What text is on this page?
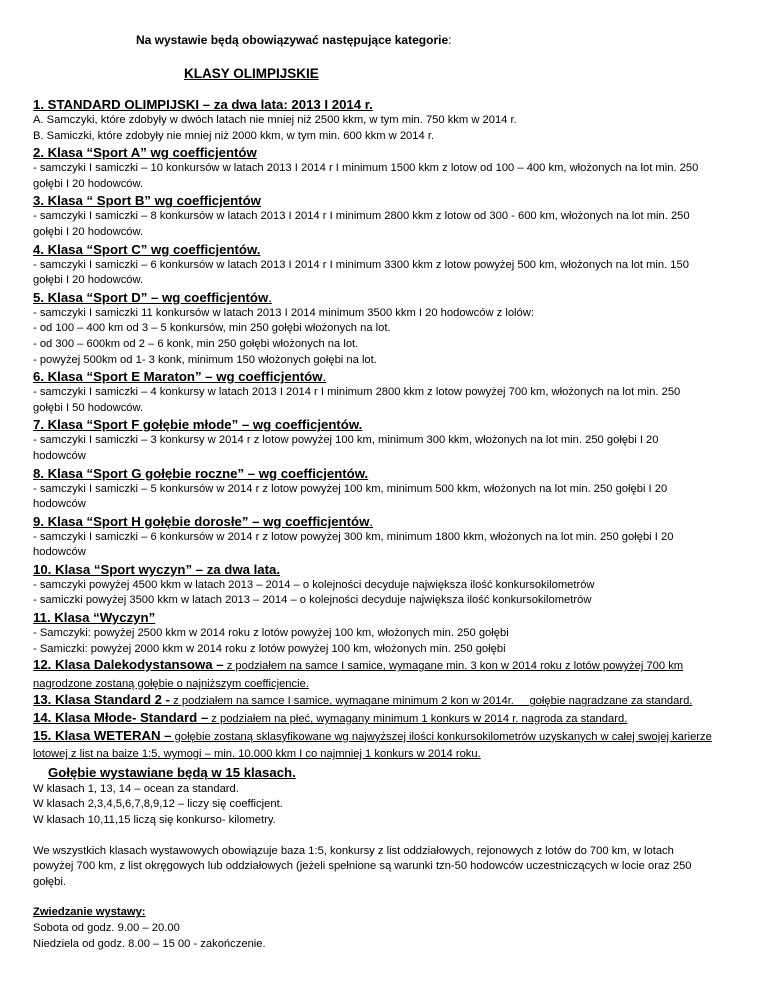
Na wystawie będą obowiązywać następujące kategorie:
KLASY OLIMPIJSKIE

1. STANDARD OLIMPIJSKI – za dwa lata: 2013 I 2014 r.

A. Samczyki, które zdobyły w dwóch latach nie mniej niż 2500 kkm, w tym min. 750 kkm w 2014 r.

B. Samiczki, które zdobyły nie mniej niż 2000 kkm, w tym min. 600 kkm w 2014 r.

2. Klasa “Sport A” wg coefficjentów

- samczyki I samiczki – 10 konkursów w latach 2013 I 2014 r I minimum 1500 kkm z lotow od 100 – 400 km, włożonych na lot min. 250 gołębi I 20 hodowców.

3. Klasa “ Sport B” wg coefficjentów

- samczyki I samiczki – 8 konkursów w latach 2013 I 2014 r I minimum 2800 kkm z lotow od 300 - 600 km, włożonych na lot min. 250 gołębi I 20 hodowców.

4. Klasa “Sport C” wg coefficjentów.

- samczyki I samiczki – 6 konkursów w latach 2013 I 2014 r I minimum 3300 kkm z lotow powyżej 500 km, włożonych na lot min. 150 gołębi I 20 hodowców.

5. Klasa “Sport D” – wg coefficjentów.

- samczyki I samiczki 11 konkursów w latach 2013 I 2014 minimum 3500 kkm I 20 hodowców z lolów:

- od 100 – 400 km od 3 – 5 konkursów, min 250 gołębi włożonych na lot.

- od 300 – 600km od 2 – 6 konk, min 250 gołębi włożonych na lot.

- powyżej 500km od 1- 3 konk, minimum 150 włożonych gołębi na lot.

6. Klasa “Sport E Maraton” – wg coefficjentów.

- samczyki I samiczki – 4 konkursy w latach 2013 I 2014 r I minimum 2800 kkm z lotow powyżej 700 km, włożonych na lot min. 250 gołębi I 50 hodowców.

7. Klasa “Sport F gołębie młode” – wg coefficjentów.

- samczyki I samiczki – 3 konkursy w 2014 r z lotow powyżej 100 km, minimum 300 kkm, włożonych na lot min. 250 gołębi I 20 hodowców

8. Klasa “Sport G gołębie roczne” – wg coefficjentów.

- samczyki I samiczki – 5 konkursów w 2014 r z lotow powyżej 100 km, minimum 500 kkm, włożonych na lot min. 250 gołębi I 20 hodowców

9. Klasa “Sport H gołębie dorosłe” – wg coefficjentów.

- samczyki I samiczki – 6 konkursów w 2014 r z lotow powyżej 300 km, minimum 1800 kkm, włożonych na lot min. 250 gołębi I 20 hodowców

10. Klasa “Sport wyczyn” – za dwa lata.

- samczyki powyżej 4500 kkm w latach 2013 – 2014 – o kolejności decyduje największa ilość konkursokilometrów

- samiczki powyżej 3500 kkm w latach 2013 – 2014 – o kolejności decyduje największa ilość konkursokilometrów

11. Klasa “Wyczyn”

- Samczyki: powyżej 2500 kkm w 2014 roku z lotów powyżej 100 km, włożonych min. 250 gołębi

- Samiczki: powyżej 2000 kkm w 2014 roku z lotów powyżej 100 km, włożonych min. 250 gołębi

12. Klasa Dalekodystansowa – z podziałem na samce I samice, wymagane min. 3 kon w 2014 roku z lotów powyżej 700 km nagrodzone zostaną gołębie o najniższym coefficjencie.

13. Klasa Standard 2 - z podziałem na samce I samice, wymagane minimum 2 kon w 2014r.     gołębie nagradzane za standard.

14. Klasa Młode- Standard – z podziałem na płeć, wymagany minimum 1 konkurs w 2014 r. nagroda za standard.

15. Klasa WETERAN – gołębie zostaną sklasyfikowane wg najwyższej ilości konkursokilometrów uzyskanych w całej swojej karierze lotowej z list na baize 1:5, wymogi – min. 10.000 kkm I co najmniej 1 konkurs w 2014 roku.

Gołębie wystawiane będą w 15 klasach.

W klasach 1, 13, 14 – ocean za standard.

W klasach 2,3,4,5,6,7,8,9,12 – liczy się coefficjent.

W klasach 10,11,15 liczą się konkurso- kilometry.

We wszystkich klasach wystawowych obowiązuje baza 1:5, konkursy z list oddziałowych, rejonowych z lotów do 700 km, w lotach powyżej 700 km, z list okręgowych lub oddziałowych (jeżeli spełnione są warunki tzn-50 hodowców uczestniczących w locie oraz 250 gołębi.

Zwiedzanie wystawy:

Sobota od godz. 9.00 – 20.00

Niedziela od godz. 8.00 – 15 00 - zakończenie.
